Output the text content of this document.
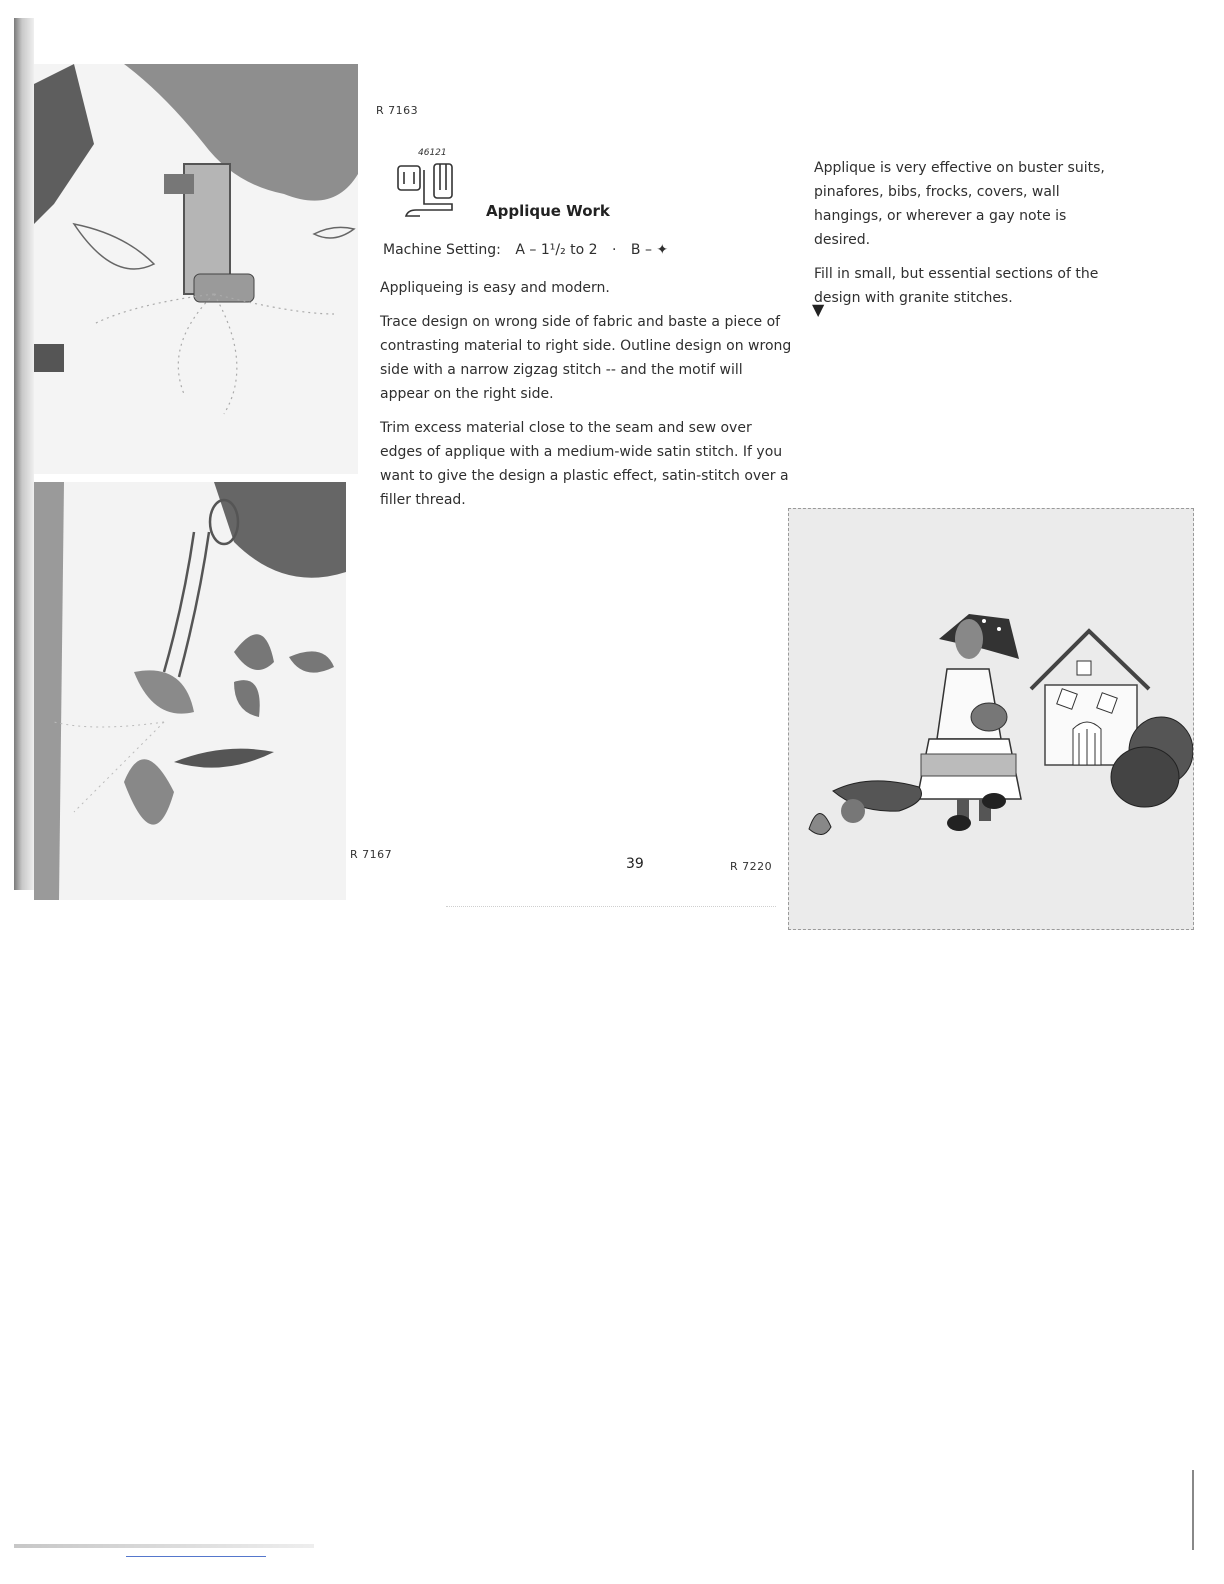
R 7163
R 7167
R 7220
46121
Applique Work
Machine Setting: A – 1¹/₂ to 2 · B – ✦

Appliqueing is easy and modern.

Trace design on wrong side of fabric and baste a piece of contrasting material to right side. Outline design on wrong side with a narrow zigzag stitch -- and the motif will appear on the right side.

Trim excess material close to the seam and sew over edges of applique with a medium-wide satin stitch. If you want to give the design a plastic effect, satin-stitch over a filler thread.

Applique is very effective on buster suits, pinafores, bibs, frocks, covers, wall hangings, or wherever a gay note is desired.

Fill in small, but essential sections of the design with granite stitches.

▼
39
